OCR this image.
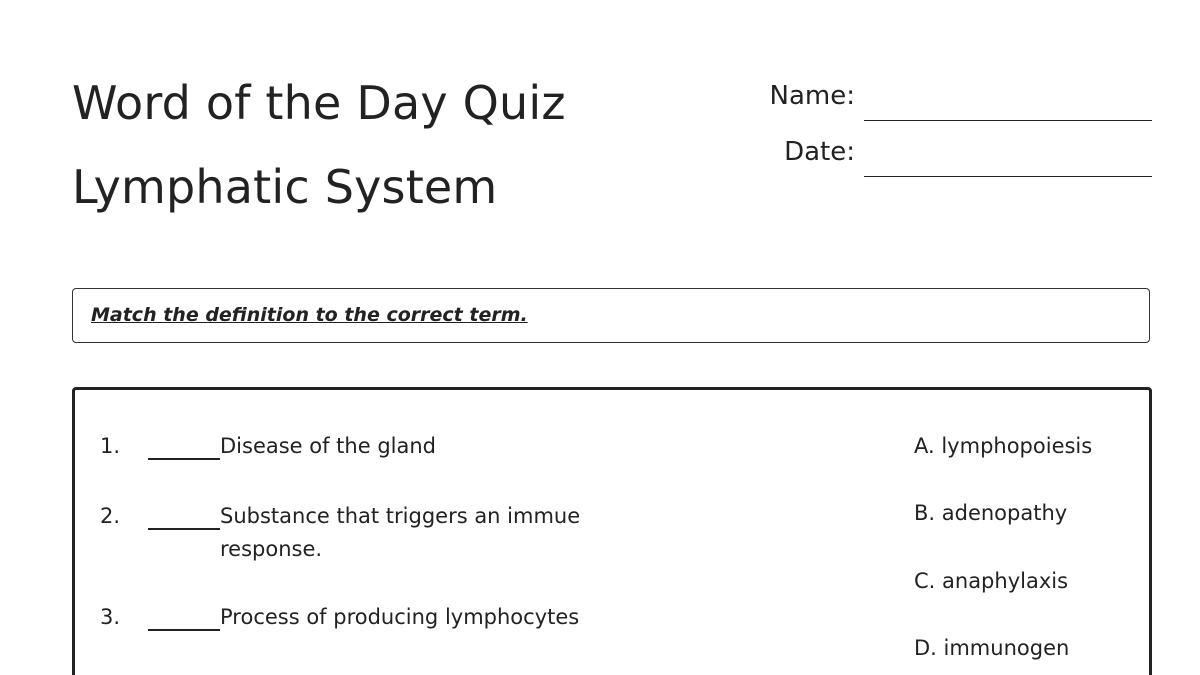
Word of the Day Quiz
Lymphatic System
Name:
Date:
Match the definition to the correct term.
1.	Disease of the gland
2.	Substance that triggers an immue response.
3.	Process of producing lymphocytes
A. lymphopoiesis
B. adenopathy
C. anaphylaxis
D. immunogen
